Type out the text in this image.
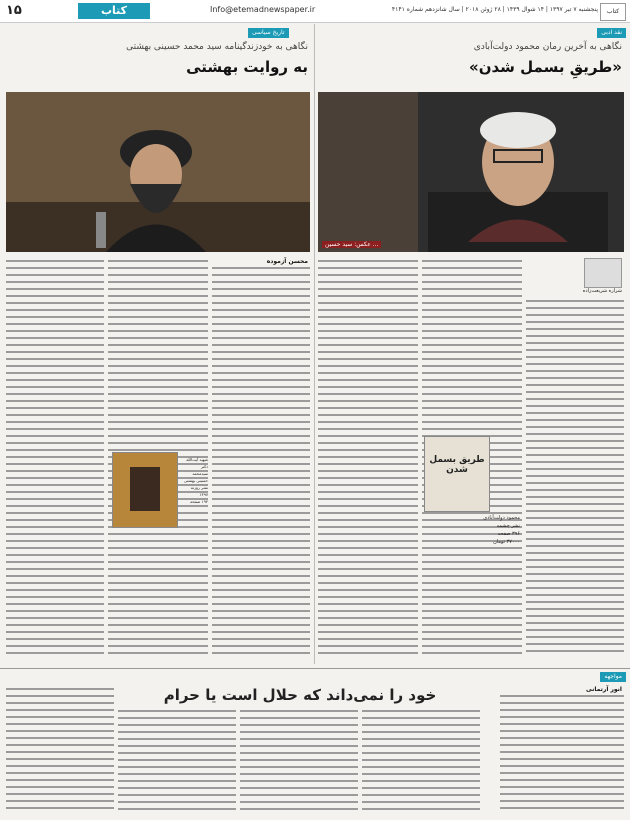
۱۵	کتاب	Info@etemadnewspaper.ir	پنجشنبه ۷ تیر ۱۳۹۷ | ۱۴ شوال ۱۴۳۹ | ۲۸ ژوئن ۲۰۱۸ | سال شانزدهم شماره ۴۱۴۱	کتاب
نقد ادبی
نگاهی به آخرین رمان محمود دولت‌آبادی
«طریقِ بسمل شدن»
عکس: سید حسین ...
شراره شریعت‌زاده
طریق بسمل شدن
محمود دولت‌آبادی
نشر چشمه
۳۹۶ صفحه
۳۷۰۰۰ تومان
تاریخ سیاسی
نگاهی به خودزندگینامه سید محمد حسینی بهشتی
به روایت بهشتی
محسن آزموده
شهید آیت‌الله دکتر
سیدمحمد حسینی بهشتی
نشر روزنه
۱۳۹۷
۱۹۴ صفحه
مواجهه
خود را نمی‌داند که حلال است یا حرام	انور آرتمانی
